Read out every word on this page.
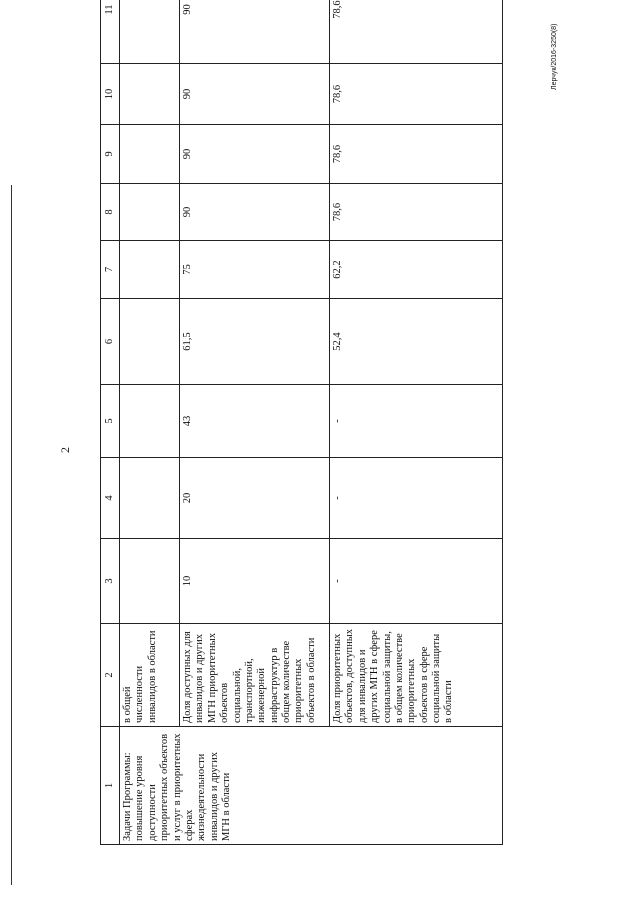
2
Лерчук/2016-3250(8)
1	2	3	4	5	6	7	8	9	10	11
Задачи Программы: повышение уровня доступности приоритетных объектов и услуг в приоритетных сферах жизнедеятельности инвалидов и других МГН в области	в общей численности инвалидов в области									
	Доля доступных для инвалидов и других МГН приоритетных объектов социальной, транспортной, инженерной инфраструктур в общем количестве приоритетных объектов в области	10	20	43	61,5	75	90	90	90	90
	Доля приоритетных объектов, доступных для инвалидов и других МГН в сфере социальной защиты, в общем количестве приоритетных объектов в сфере социальной защиты в области	-	-	-	52,4	62,2	78,6	78,6	78,6	78,6
